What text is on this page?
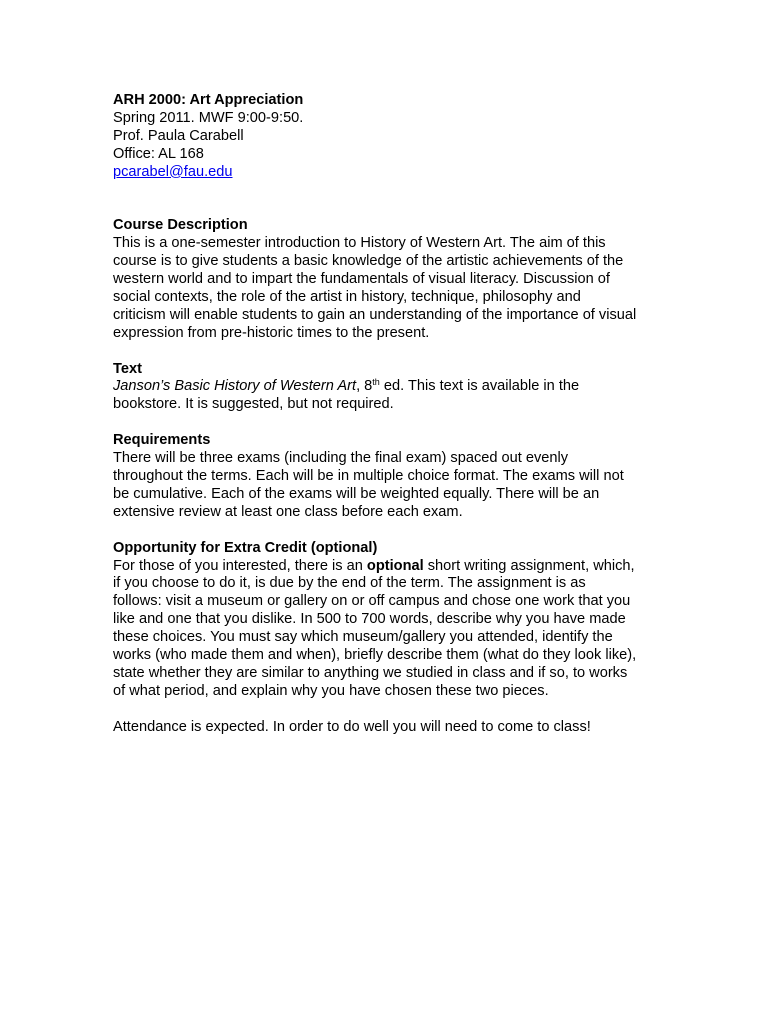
ARH 2000: Art Appreciation
Spring 2011. MWF 9:00-9:50.
Prof. Paula Carabell
Office: AL 168
pcarabel@fau.edu
Course Description
This is a one-semester introduction to History of Western Art. The aim of this
course is to give students a basic knowledge of the artistic achievements of the
western world and to impart the fundamentals of visual literacy. Discussion of
social contexts, the role of the artist in history, technique, philosophy and
criticism will enable students to gain an understanding of the importance of visual
expression from pre-historic times to the present.
Text
Janson’s Basic History of Western Art, 8th ed. This text is available in the
bookstore. It is suggested, but not required.
Requirements
There will be three exams (including the final exam) spaced out evenly
throughout the terms. Each will be in multiple choice format. The exams will not
be cumulative. Each of the exams will be weighted equally. There will be an
extensive review at least one class before each exam.
Opportunity for Extra Credit (optional)
For those of you interested, there is an optional short writing assignment, which,
if you choose to do it, is due by the end of the term. The assignment is as
follows: visit a museum or gallery on or off campus and chose one work that you
like and one that you dislike. In 500 to 700 words, describe why you have made
these choices. You must say which museum/gallery you attended, identify the
works (who made them and when), briefly describe them (what do they look like),
state whether they are similar to anything we studied in class and if so, to works
of what period, and explain why you have chosen these two pieces.
Attendance is expected. In order to do well you will need to come to class!
